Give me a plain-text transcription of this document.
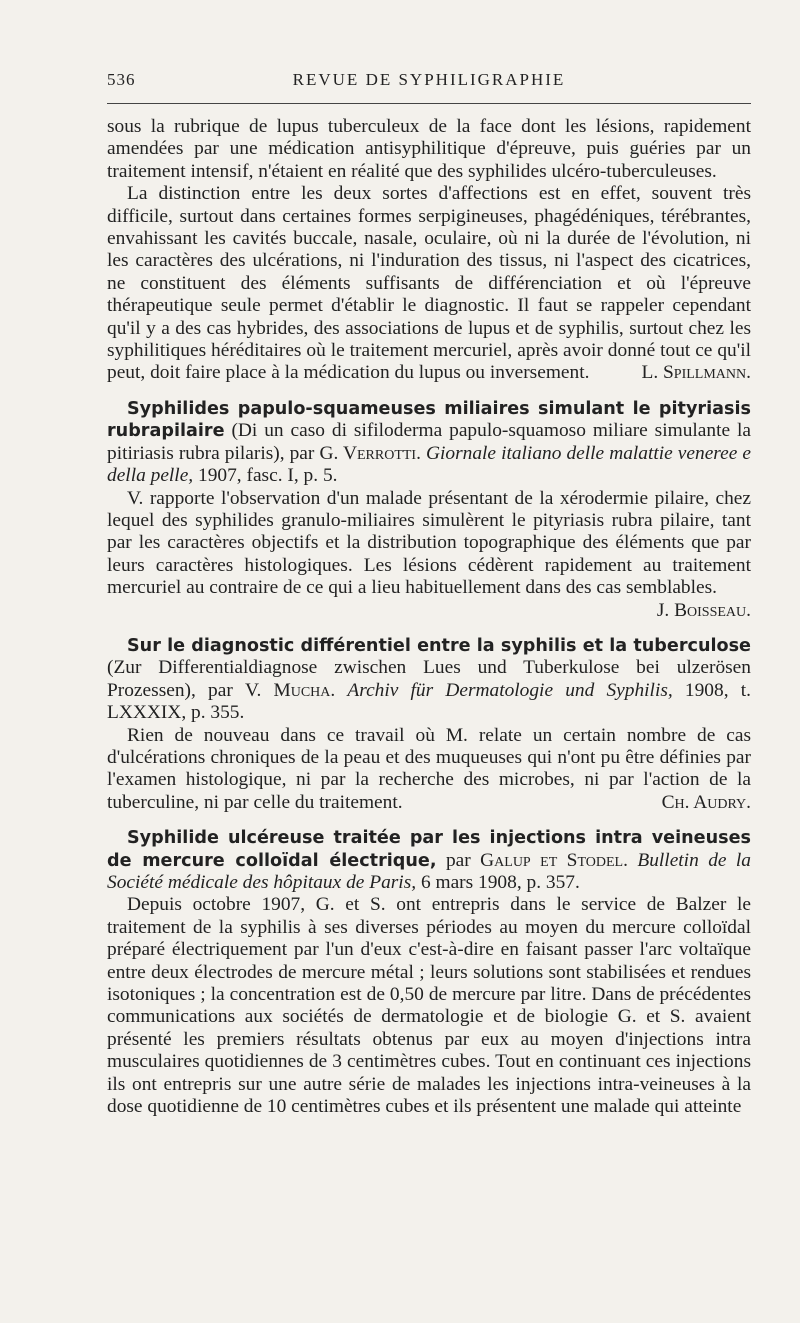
536	REVUE DE SYPHILIGRAPHIE

sous la rubrique de lupus tuberculeux de la face dont les lésions, rapidement amendées par une médication antisyphilitique d'épreuve, puis guéries par un traitement intensif, n'étaient en réalité que des syphilides ulcéro-tuberculeuses.

La distinction entre les deux sortes d'affections est en effet, souvent très difficile, surtout dans certaines formes serpigineuses, phagédéniques, térébrantes, envahissant les cavités buccale, nasale, oculaire, où ni la durée de l'évolution, ni les caractères des ulcérations, ni l'induration des tissus, ni l'aspect des cicatrices, ne constituent des éléments suffisants de différenciation et où l'épreuve thérapeutique seule permet d'établir le diagnostic. Il faut se rappeler cependant qu'il y a des cas hybrides, des associations de lupus et de syphilis, surtout chez les syphilitiques héréditaires où le traitement mercuriel, après avoir donné tout ce qu'il peut, doit faire place à la médication du lupus ou inversement.	L. Spillmann.

Syphilides papulo-squameuses miliaires simulant le pityriasis rubrapilaire (Di un caso di sifiloderma papulo-squamoso miliare simulante la pitiriasis rubra pilaris), par G. Verrotti. Giornale italiano delle malattie veneree e della pelle, 1907, fasc. I, p. 5.

V. rapporte l'observation d'un malade présentant de la xérodermie pilaire, chez lequel des syphilides granulo-miliaires simulèrent le pityriasis rubra pilaire, tant par les caractères objectifs et la distribution topographique des éléments que par leurs caractères histologiques. Les lésions cédèrent rapidement au traitement mercuriel au contraire de ce qui a lieu habituellement dans des cas semblables.
J. Boisseau.

Sur le diagnostic différentiel entre la syphilis et la tuberculose (Zur Differentialdiagnose zwischen Lues und Tuberkulose bei ulzerösen Prozessen), par V. Mucha. Archiv für Dermatologie und Syphilis, 1908, t. LXXXIX, p. 355.

Rien de nouveau dans ce travail où M. relate un certain nombre de cas d'ulcérations chroniques de la peau et des muqueuses qui n'ont pu être définies par l'examen histologique, ni par la recherche des microbes, ni par l'action de la tuberculine, ni par celle du traitement.	Ch. Audry.

Syphilide ulcéreuse traitée par les injections intra veineuses de mercure colloïdal électrique, par Galup et Stodel. Bulletin de la Société médicale des hôpitaux de Paris, 6 mars 1908, p. 357.

Depuis octobre 1907, G. et S. ont entrepris dans le service de Balzer le traitement de la syphilis à ses diverses périodes au moyen du mercure colloïdal préparé électriquement par l'un d'eux c'est-à-dire en faisant passer l'arc voltaïque entre deux électrodes de mercure métal ; leurs solutions sont stabilisées et rendues isotoniques ; la concentration est de 0,50 de mercure par litre. Dans de précédentes communications aux sociétés de dermatologie et de biologie G. et S. avaient présenté les premiers résultats obtenus par eux au moyen d'injections intra musculaires quotidiennes de 3 centimètres cubes. Tout en continuant ces injections ils ont entrepris sur une autre série de malades les injections intra-veineuses à la dose quotidienne de 10 centimètres cubes et ils présentent une malade qui atteinte
